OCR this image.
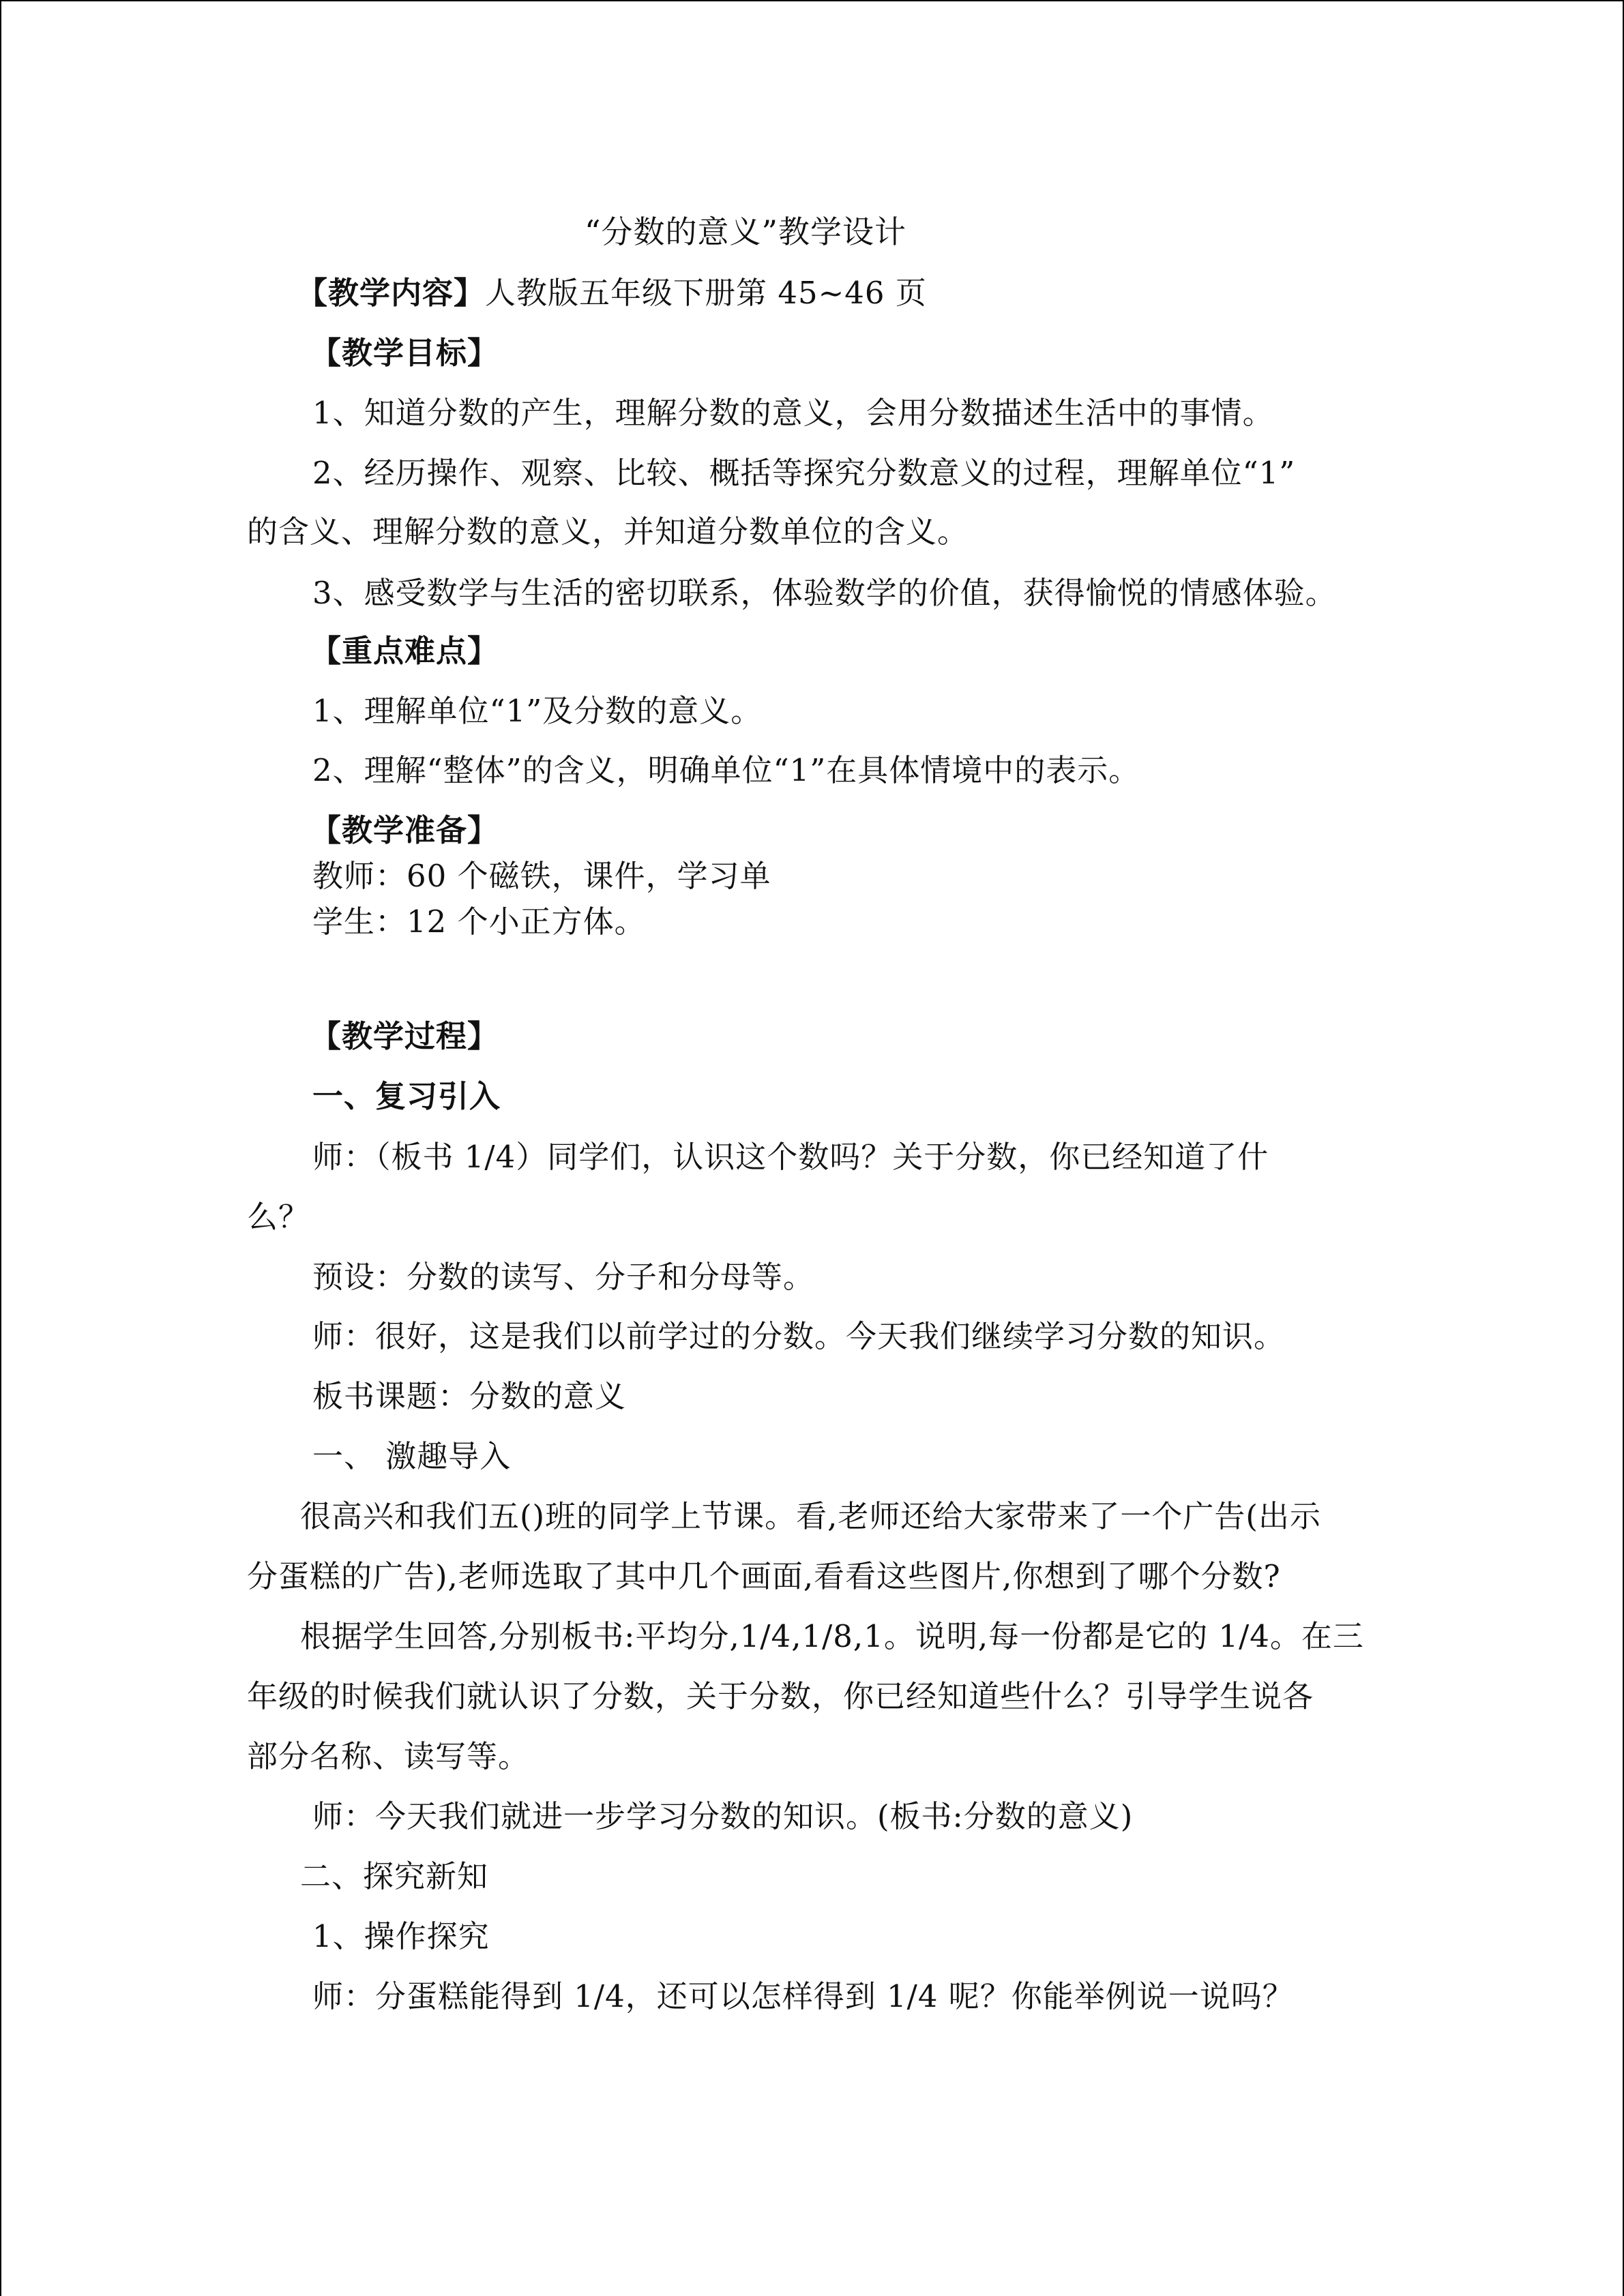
“分数的意义”教学设计
【教学内容】人教版五年级下册第 45~46 页
【教学目标】
1、知道分数的产生，理解分数的意义，会用分数描述生活中的事情。
2、经历操作、观察、比较、概括等探究分数意义的过程，理解单位“1”
的含义、理解分数的意义，并知道分数单位的含义。
3、感受数学与生活的密切联系，体验数学的价值，获得愉悦的情感体验。
【重点难点】
1、理解单位“1”及分数的意义。
2、理解“整体”的含义，明确单位“1”在具体情境中的表示。
【教学准备】
教师：60 个磁铁，课件，学习单
学生：12 个小正方体。
【教学过程】
一、复习引入
师：（板书 1/4）同学们，认识这个数吗？关于分数，你已经知道了什
么？
预设：分数的读写、分子和分母等。
师：很好，这是我们以前学过的分数。今天我们继续学习分数的知识。
板书课题：分数的意义
一、 激趣导入
很高兴和我们五()班的同学上节课。看,老师还给大家带来了一个广告(出示
分蛋糕的广告),老师选取了其中几个画面,看看这些图片,你想到了哪个分数?
根据学生回答,分别板书:平均分,1/4,1/8,1。说明,每一份都是它的 1/4。在三
年级的时候我们就认识了分数，关于分数，你已经知道些什么？引导学生说各
部分名称、读写等。
师：今天我们就进一步学习分数的知识。(板书:分数的意义)
二、探究新知
1、操作探究
师：分蛋糕能得到 1/4，还可以怎样得到 1/4 呢？你能举例说一说吗？
